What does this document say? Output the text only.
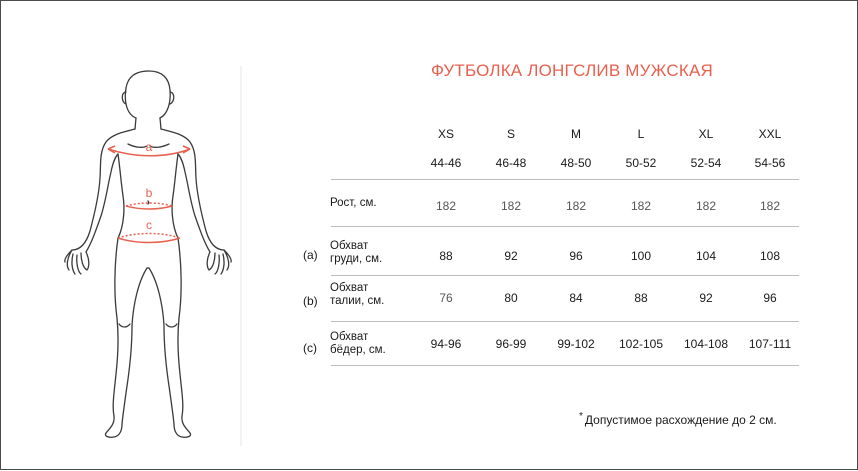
a
b
c
ФУТБОЛКА ЛОНГСЛИВ МУЖСКАЯ
XS	S	M	L	XL	XXL
44-46	46-48	48-50	50-52	52-54	54-56
Рост, см.	182	182	182	182	182	182
(a)
Обхват
груди, см.	88	92	96	100	104	108
(b)
Обхват
талии, см.	76	80	84	88	92	96
(c)
Обхват
бёдер, см.	94-96	96-99	99-102	102-105	104-108	107-111
* Допустимое расхождение до 2 см.
